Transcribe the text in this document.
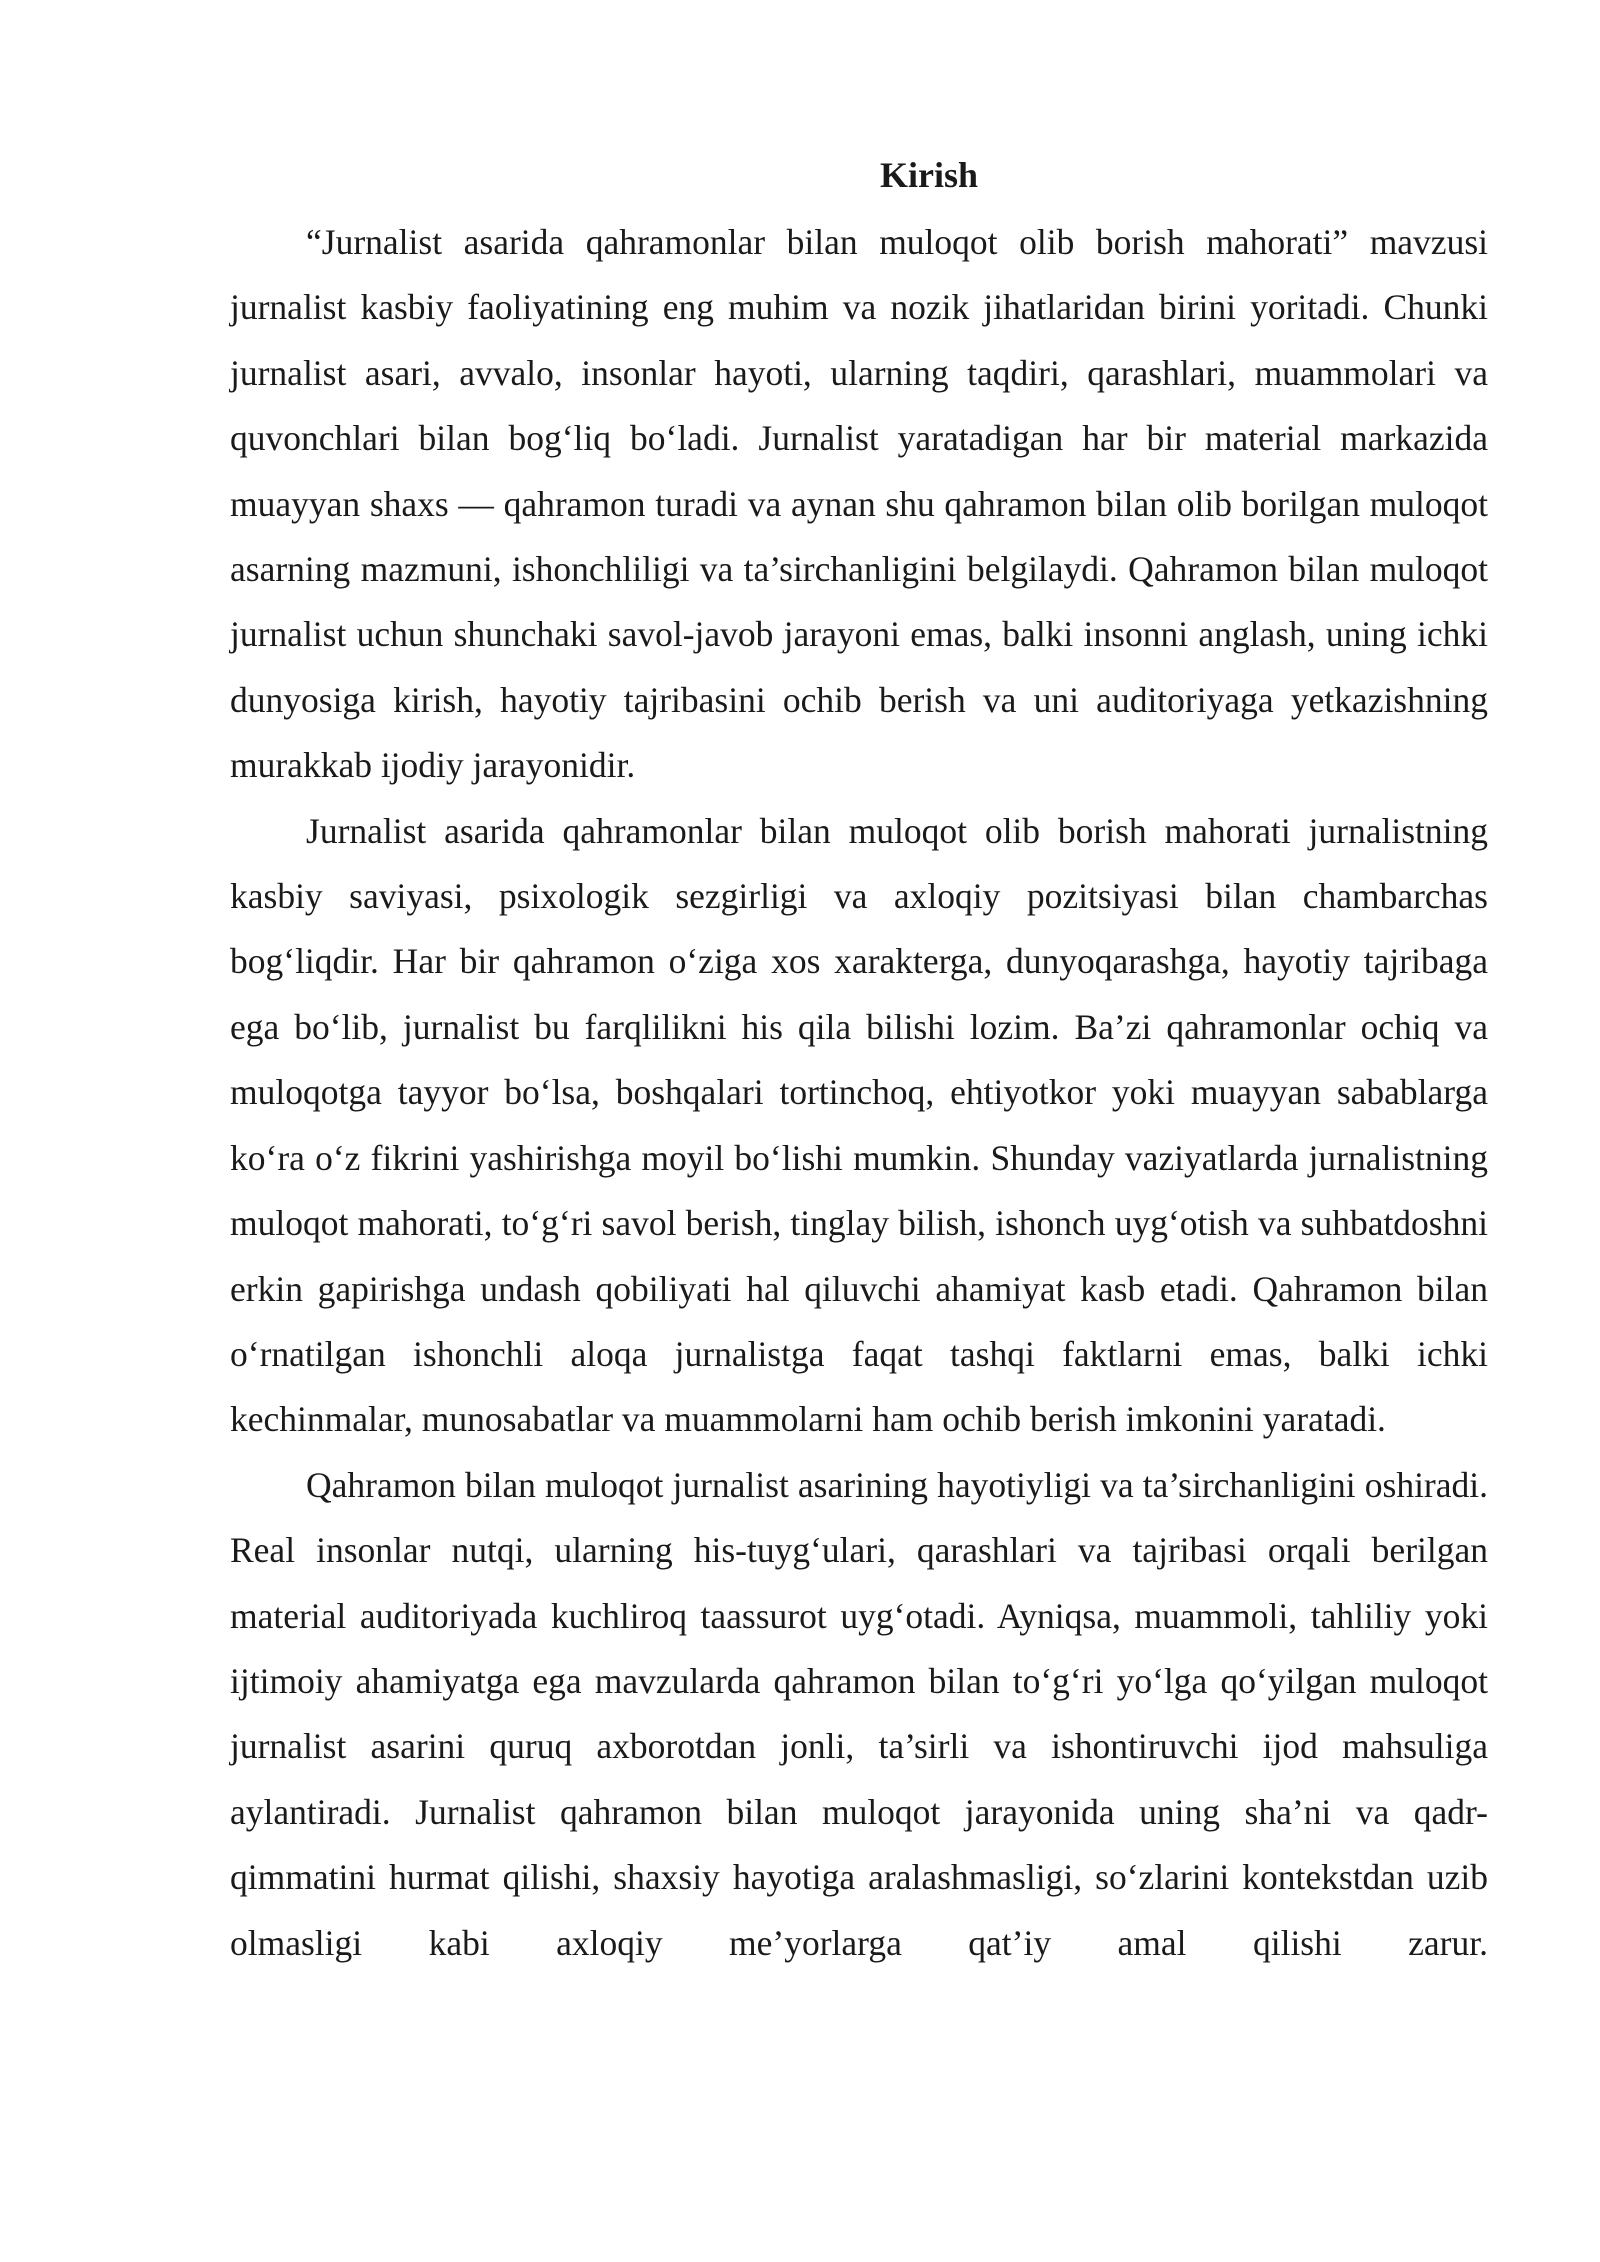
Kirish

“Jurnalist asarida qahramonlar bilan muloqot olib borish mahorati” mavzusi jurnalist kasbiy faoliyatining eng muhim va nozik jihatlaridan birini yoritadi. Chunki jurnalist asari, avvalo, insonlar hayoti, ularning taqdiri, qarashlari, muammolari va quvonchlari bilan bog‘liq bo‘ladi. Jurnalist yaratadigan har bir material markazida muayyan shaxs — qahramon turadi va aynan shu qahramon bilan olib borilgan muloqot asarning mazmuni, ishonchliligi va ta’sirchanligini belgilaydi. Qahramon bilan muloqot jurnalist uchun shunchaki savol-javob jarayoni emas, balki insonni anglash, uning ichki dunyosiga kirish, hayotiy tajribasini ochib berish va uni auditoriyaga yetkazishning murakkab ijodiy jarayonidir.

Jurnalist asarida qahramonlar bilan muloqot olib borish mahorati jurnalistning kasbiy saviyasi, psixologik sezgirligi va axloqiy pozitsiyasi bilan chambarchas bog‘liqdir. Har bir qahramon o‘ziga xos xarakterga, dunyoqarashga, hayotiy tajribaga ega bo‘lib, jurnalist bu farqlilikni his qila bilishi lozim. Ba’zi qahramonlar ochiq va muloqotga tayyor bo‘lsa, boshqalari tortinchoq, ehtiyotkor yoki muayyan sabablarga ko‘ra o‘z fikrini yashirishga moyil bo‘lishi mumkin. Shunday vaziyatlarda jurnalistning muloqot mahorati, to‘g‘ri savol berish, tinglay bilish, ishonch uyg‘otish va suhbatdoshni erkin gapirishga undash qobiliyati hal qiluvchi ahamiyat kasb etadi. Qahramon bilan o‘rnatilgan ishonchli aloqa jurnalistga faqat tashqi faktlarni emas, balki ichki kechinmalar, munosabatlar va muammolarni ham ochib berish imkonini yaratadi.

Qahramon bilan muloqot jurnalist asarining hayotiyligi va ta’sirchanligini oshiradi. Real insonlar nutqi, ularning his-tuyg‘ulari, qarashlari va tajribasi orqali berilgan material auditoriyada kuchliroq taassurot uyg‘otadi. Ayniqsa, muammoli, tahliliy yoki ijtimoiy ahamiyatga ega mavzularda qahramon bilan to‘g‘ri yo‘lga qo‘yilgan muloqot jurnalist asarini quruq axborotdan jonli, ta’sirli va ishontiruvchi ijod mahsuliga aylantiradi. Jurnalist qahramon bilan muloqot jarayonida uning sha’ni va qadr-qimmatini hurmat qilishi, shaxsiy hayotiga aralashmasligi, so‘zlarini kontekstdan uzib olmasligi kabi axloqiy me’yorlarga qat’iy amal qilishi zarur.
